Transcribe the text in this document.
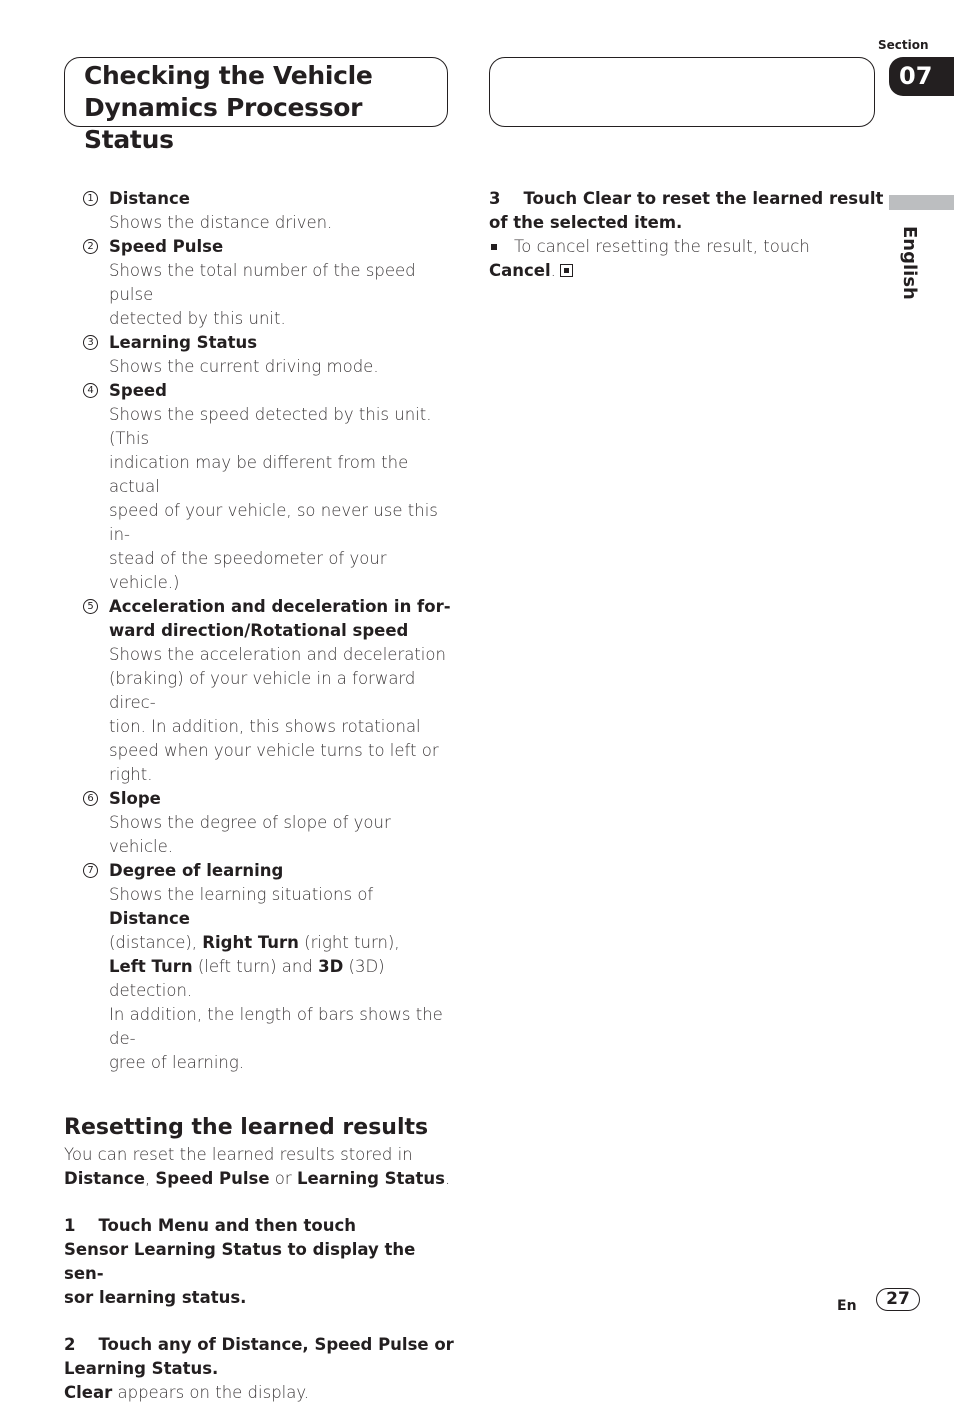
Checking the Vehicle
Dynamics Processor Status
Section
07
English
1 Distance
Shows the distance driven.
2 Speed Pulse
Shows the total number of the speed pulse
detected by this unit.
3 Learning Status
Shows the current driving mode.
4 Speed
Shows the speed detected by this unit. (This
indication may be different from the actual
speed of your vehicle, so never use this in-
stead of the speedometer of your vehicle.)
5 Acceleration and deceleration in for-
ward direction/Rotational speed
Shows the acceleration and deceleration
(braking) of your vehicle in a forward direc-
tion. In addition, this shows rotational
speed when your vehicle turns to left or
right.
6 Slope
Shows the degree of slope of your vehicle.
7 Degree of learning
Shows the learning situations of Distance
(distance), Right Turn (right turn),
Left Turn (left turn) and 3D (3D) detection.
In addition, the length of bars shows the de-
gree of learning.
Resetting the learned results
You can reset the learned results stored in
Distance, Speed Pulse or Learning Status.
1    Touch Menu and then touch
Sensor Learning Status to display the sen-
sor learning status.
2    Touch any of Distance, Speed Pulse or
Learning Status.
Clear appears on the display.
3    Touch Clear to reset the learned result
of the selected item.
To cancel resetting the result, touch
Cancel.
En	27
